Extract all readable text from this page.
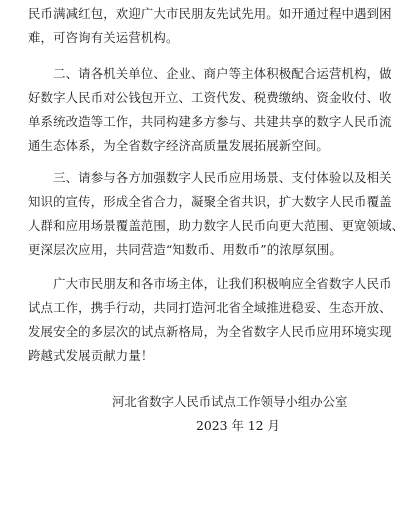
民币满减红包，欢迎广大市民朋友先试先用。如开通过程中遇到困
难，可咨询有关运营机构。
　　二、请各机关单位、企业、商户等主体积极配合运营机构，做
好数字人民币对公钱包开立、工资代发、税费缴纳、资金收付、收
单系统改造等工作，共同构建多方参与、共建共享的数字人民币流
通生态体系，为全省数字经济高质量发展拓展新空间。
　　三、请参与各方加强数字人民币应用场景、支付体验以及相关
知识的宣传，形成全省合力，凝聚全省共识，扩大数字人民币覆盖
人群和应用场景覆盖范围，助力数字人民币向更大范围、更宽领域、
更深层次应用，共同营造“知数币、用数币”的浓厚氛围。
　　广大市民朋友和各市场主体，让我们积极响应全省数字人民币
试点工作，携手行动，共同打造河北省全域推进稳妥、生态开放、
发展安全的多层次的试点新格局，为全省数字人民币应用环境实现
跨越式发展贡献力量！
河北省数字人民币试点工作领导小组办公室
2023 年 12 月
